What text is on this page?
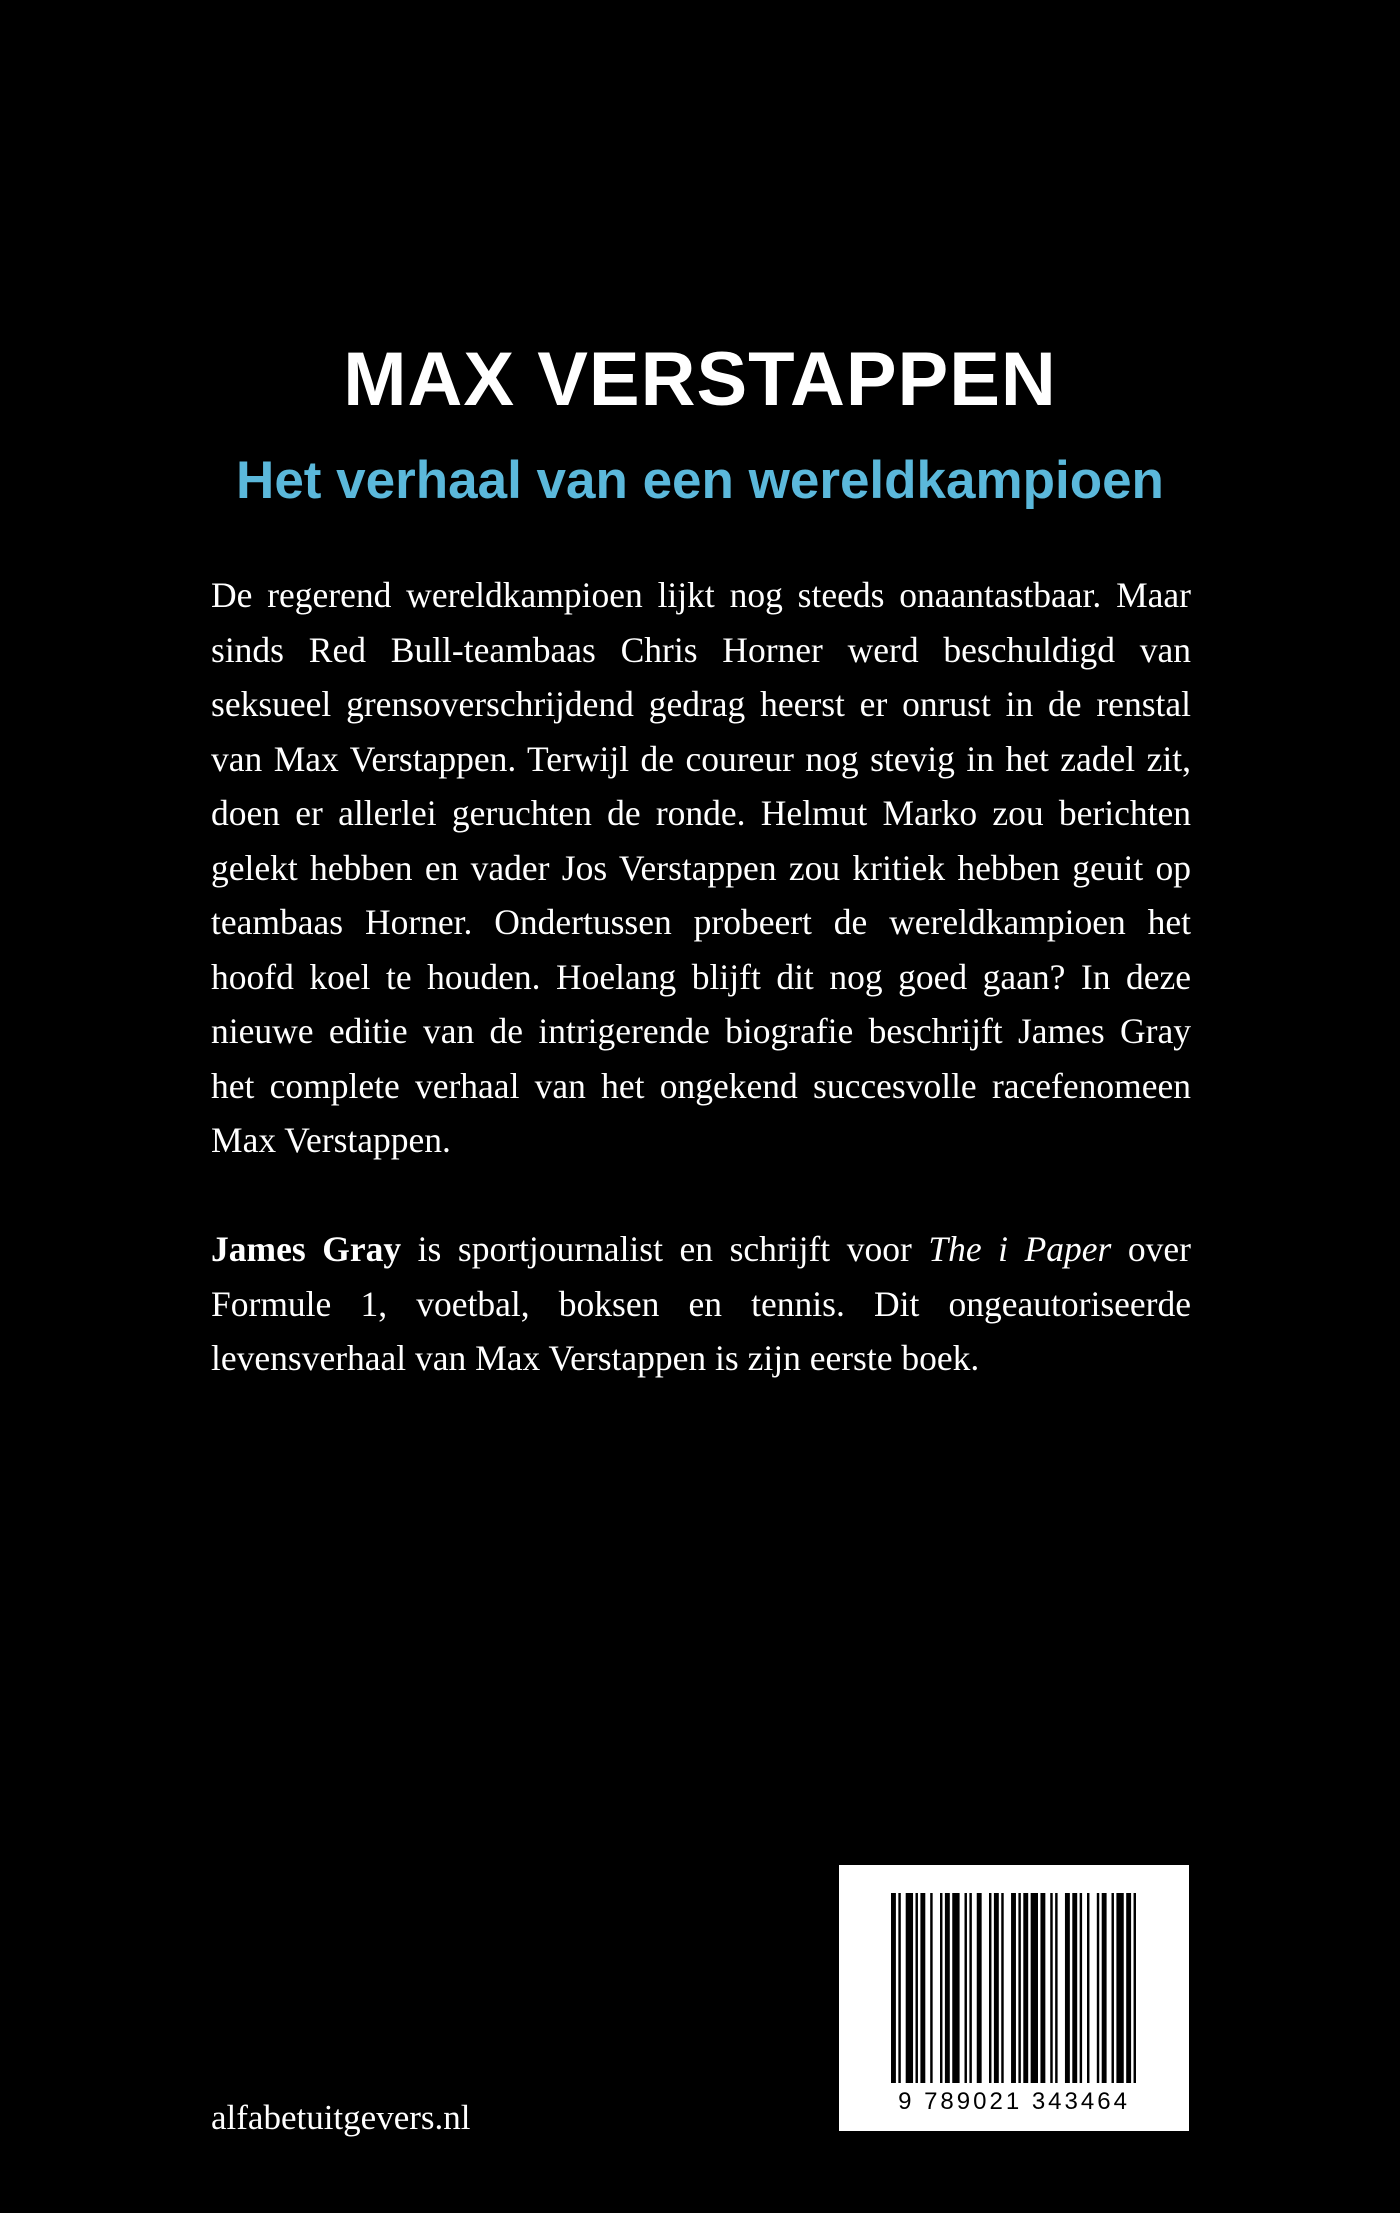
MAX VERSTAPPEN
Het verhaal van een wereldkampioen

De regerend wereldkampioen lijkt nog steeds onaantastbaar. Maar sinds Red Bull-teambaas Chris Horner werd beschuldigd van seksueel grensoverschrijdend gedrag heerst er onrust in de renstal van Max Verstappen. Terwijl de coureur nog stevig in het zadel zit, doen er allerlei geruchten de ronde. Helmut Marko zou berichten gelekt hebben en vader Jos Verstappen zou kritiek hebben geuit op teambaas Horner. Ondertussen probeert de wereldkampioen het hoofd koel te houden. Hoelang blijft dit nog goed gaan? In deze nieuwe editie van de intrigerende biografie beschrijft James Gray het complete verhaal van het ongekend succesvolle racefenomeen Max Verstappen.

James Gray is sportjournalist en schrijft voor The i Paper over Formule 1, voetbal, boksen en tennis. Dit ongeautoriseerde levensverhaal van Max Verstappen is zijn eerste boek.

alfabetuitgevers.nl	9 789021 343464
